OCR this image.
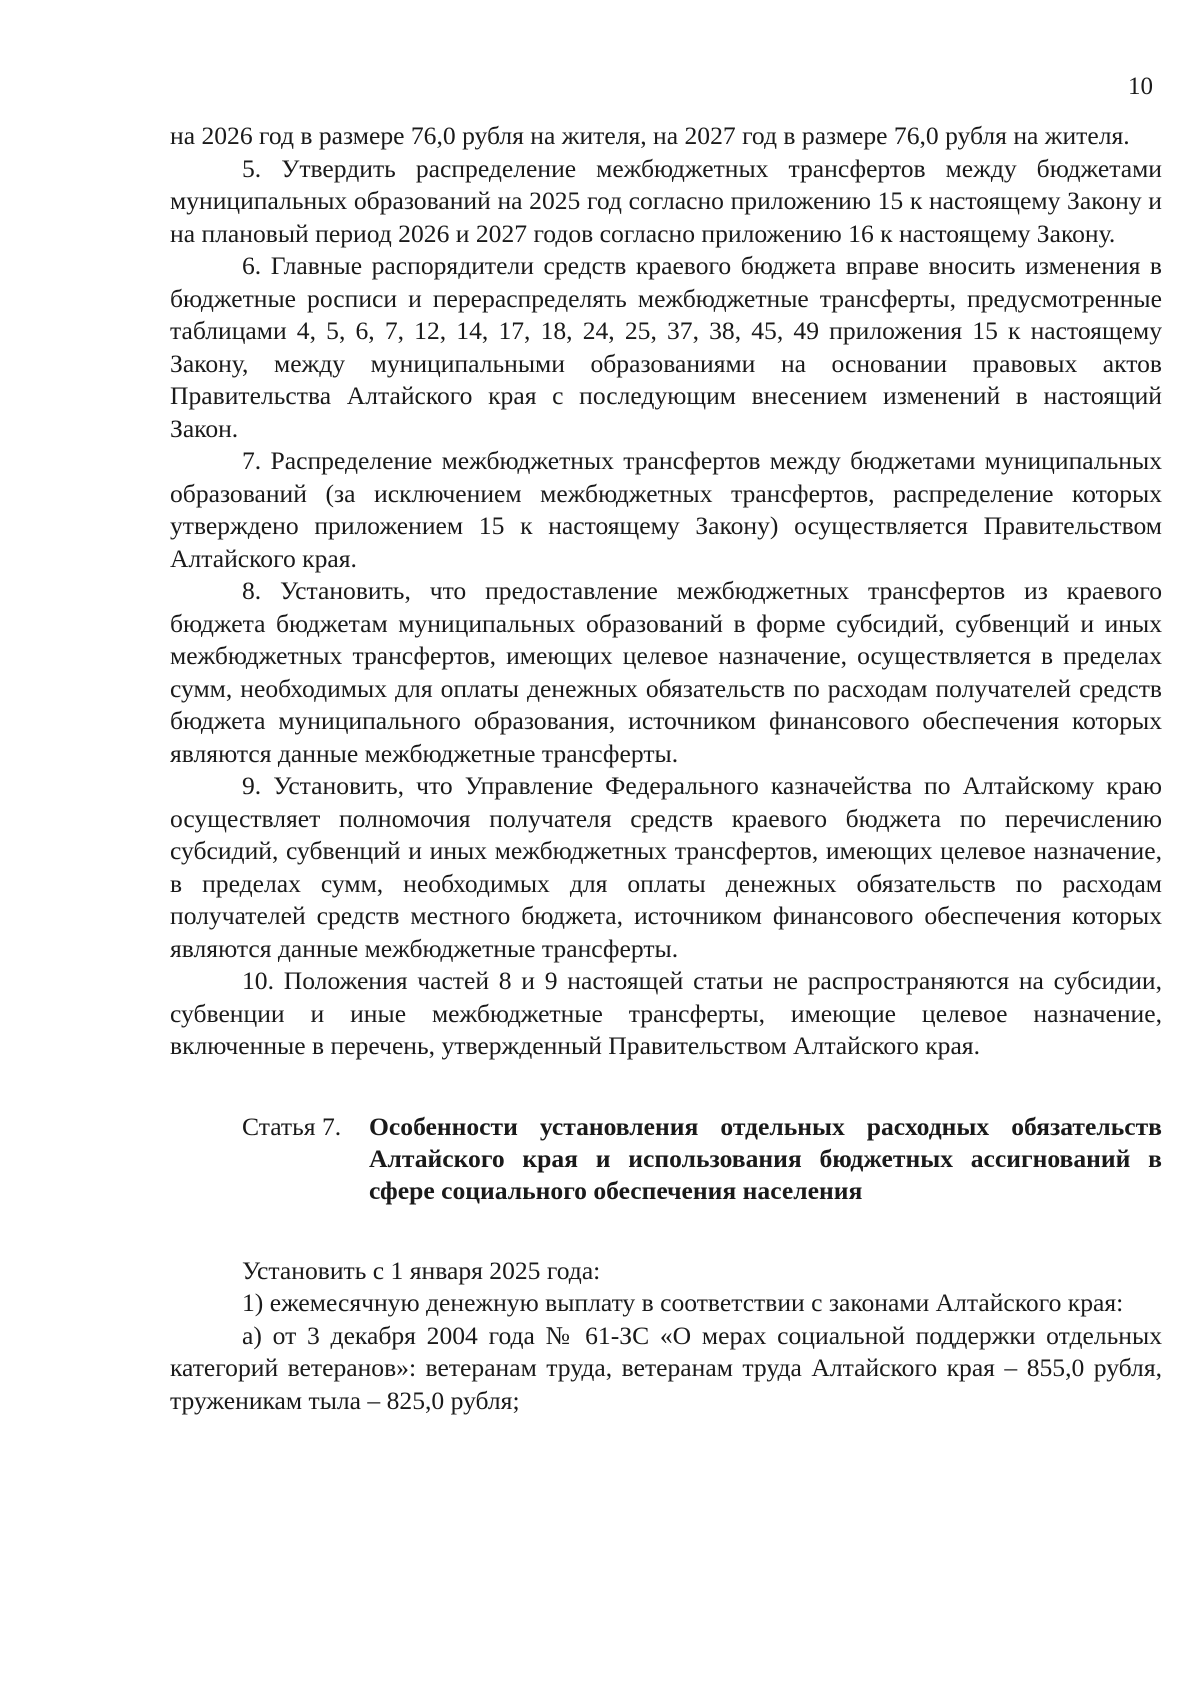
10

на 2026 год в размере 76,0 рубля на жителя, на 2027 год в размере 76,0 рубля на жителя.

5. Утвердить распределение межбюджетных трансфертов между бюджетами муниципальных образований на 2025 год согласно приложению 15 к настоящему Закону и на плановый период 2026 и 2027 годов согласно приложению 16 к настоящему Закону.

6. Главные распорядители средств краевого бюджета вправе вносить изменения в бюджетные росписи и перераспределять межбюджетные трансферты, предусмотренные таблицами 4, 5, 6, 7, 12, 14, 17, 18, 24, 25, 37, 38, 45, 49 приложения 15 к настоящему Закону, между муниципальными образованиями на основании правовых актов Правительства Алтайского края с последующим внесением изменений в настоящий Закон.

7. Распределение межбюджетных трансфертов между бюджетами муниципальных образований (за исключением межбюджетных трансфертов, распределение которых утверждено приложением 15 к настоящему Закону) осуществляется Правительством Алтайского края.

8. Установить, что предоставление межбюджетных трансфертов из краевого бюджета бюджетам муниципальных образований в форме субсидий, субвенций и иных межбюджетных трансфертов, имеющих целевое назначение, осуществляется в пределах сумм, необходимых для оплаты денежных обязательств по расходам получателей средств бюджета муниципального образования, источником финансового обеспечения которых являются данные межбюджетные трансферты.

9. Установить, что Управление Федерального казначейства по Алтайскому краю осуществляет полномочия получателя средств краевого бюджета по перечислению субсидий, субвенций и иных межбюджетных трансфертов, имеющих целевое назначение, в пределах сумм, необходимых для оплаты денежных обязательств по расходам получателей средств местного бюджета, источником финансового обеспечения которых являются данные межбюджетные трансферты.

10. Положения частей 8 и 9 настоящей статьи не распространяются на субсидии, субвенции и иные межбюджетные трансферты, имеющие целевое назначение, включенные в перечень, утвержденный Правительством Алтайского края.

Статья 7.	Особенности установления отдельных расходных обязательств Алтайского края и использования бюджетных ассигнований в сфере социального обеспечения населения

Установить с 1 января 2025 года:

1) ежемесячную денежную выплату в соответствии с законами Алтайского края:

а) от 3 декабря 2004 года № 61-ЗС «О мерах социальной поддержки отдельных категорий ветеранов»: ветеранам труда, ветеранам труда Алтайского края – 855,0 рубля, труженикам тыла – 825,0 рубля;
